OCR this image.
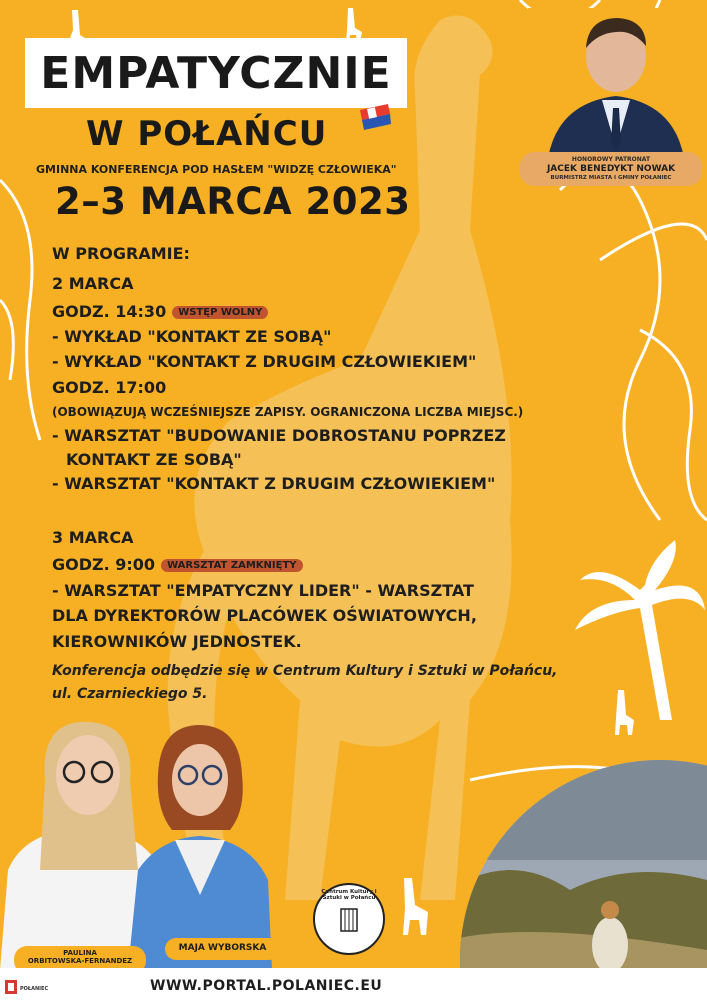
EMPATYCZNIE
W POŁAŃCU
GMINNA KONFERENCJA POD HASŁEM "WIDZĘ CZŁOWIEKA"
2–3 MARCA 2023
HONOROWY PATRONAT
JACEK BENEDYKT NOWAK
BURMISTRZ MIASTA I GMINY POŁANIEC
W PROGRAMIE:
2 MARCA
GODZ. 14:30 WSTĘP WOLNY
- WYKŁAD "KONTAKT ZE SOBĄ"
- WYKŁAD "KONTAKT Z DRUGIM CZŁOWIEKIEM"
GODZ. 17:00
(OBOWIĄZUJĄ WCZEŚNIEJSZE ZAPISY. OGRANICZONA LICZBA MIEJSC.)
- WARSZTAT "BUDOWANIE DOBROSTANU POPRZEZ
KONTAKT ZE SOBĄ"
- WARSZTAT "KONTAKT Z DRUGIM CZŁOWIEKIEM"
3 MARCA
GODZ. 9:00 WARSZTAT ZAMKNIĘTY
- WARSZTAT "EMPATYCZNY LIDER" - WARSZTAT
DLA DYREKTORÓW PLACÓWEK OŚWIATOWYCH,
KIEROWNIKÓW JEDNOSTEK.
Konferencja odbędzie się w Centrum Kultury i Sztuki w Połańcu,
ul. Czarnieckiego 5.
PAULINA
ORBITOWSKA-FERNANDEZ
MAJA WYBORSKA
Centrum Kultury i Sztuki w Połańcu
POŁANIEC	WWW.PORTAL.POLANIEC.EU
